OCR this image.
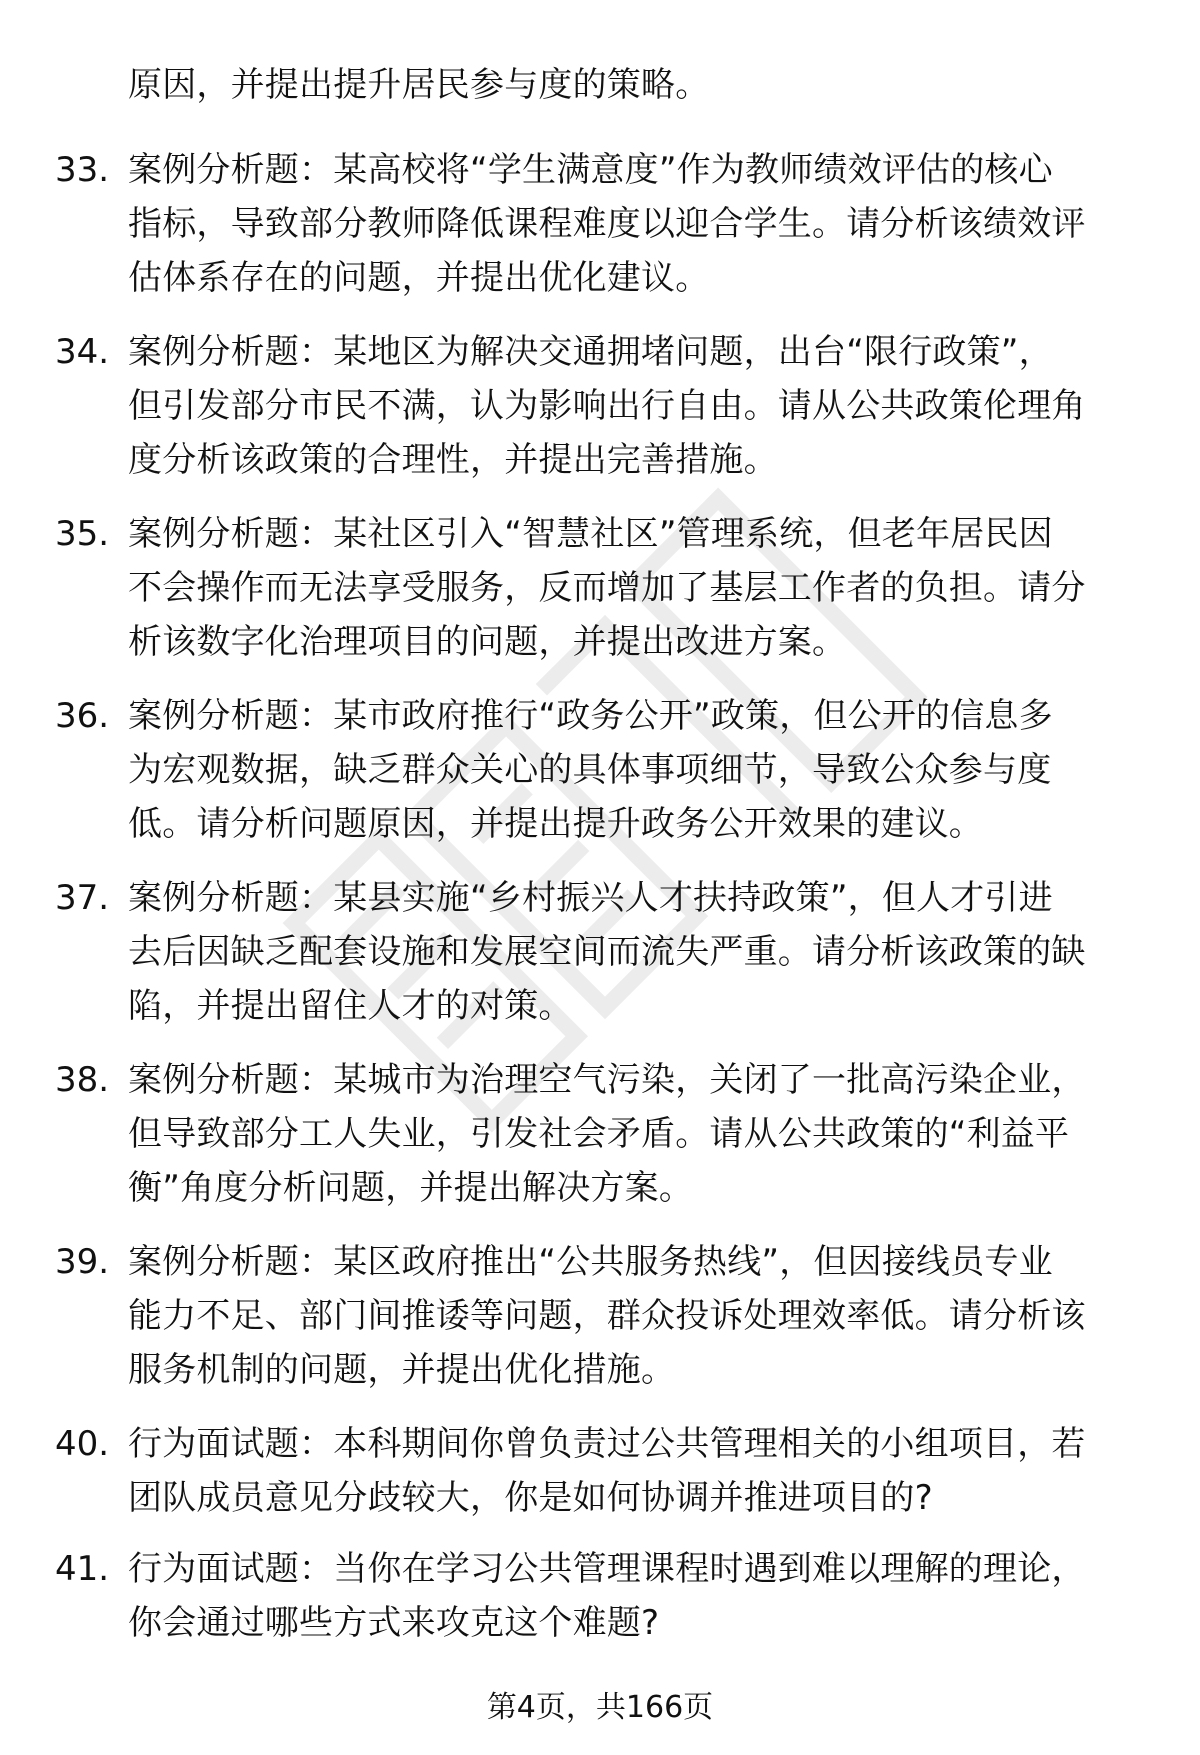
原因，并提出提升居民参与度的策略。
33. 案例分析题：某高校将“学生满意度”作为教师绩效评估的核心
指标，导致部分教师降低课程难度以迎合学生。请分析该绩效评
估体系存在的问题，并提出优化建议。
34. 案例分析题：某地区为解决交通拥堵问题，出台“限行政策”，
但引发部分市民不满，认为影响出行自由。请从公共政策伦理角
度分析该政策的合理性，并提出完善措施。
35. 案例分析题：某社区引入“智慧社区”管理系统，但老年居民因
不会操作而无法享受服务，反而增加了基层工作者的负担。请分
析该数字化治理项目的问题，并提出改进方案。
36. 案例分析题：某市政府推行“政务公开”政策，但公开的信息多
为宏观数据，缺乏群众关心的具体事项细节，导致公众参与度
低。请分析问题原因，并提出提升政务公开效果的建议。
37. 案例分析题：某县实施“乡村振兴人才扶持政策”，但人才引进
去后因缺乏配套设施和发展空间而流失严重。请分析该政策的缺
陷，并提出留住人才的对策。
38. 案例分析题：某城市为治理空气污染，关闭了一批高污染企业，
但导致部分工人失业，引发社会矛盾。请从公共政策的“利益平
衡”角度分析问题，并提出解决方案。
39. 案例分析题：某区政府推出“公共服务热线”，但因接线员专业
能力不足、部门间推诿等问题，群众投诉处理效率低。请分析该
服务机制的问题，并提出优化措施。
40. 行为面试题：本科期间你曾负责过公共管理相关的小组项目，若
团队成员意见分歧较大，你是如何协调并推进项目的?
41. 行为面试题：当你在学习公共管理课程时遇到难以理解的理论，
你会通过哪些方式来攻克这个难题?
第4页，共166页
